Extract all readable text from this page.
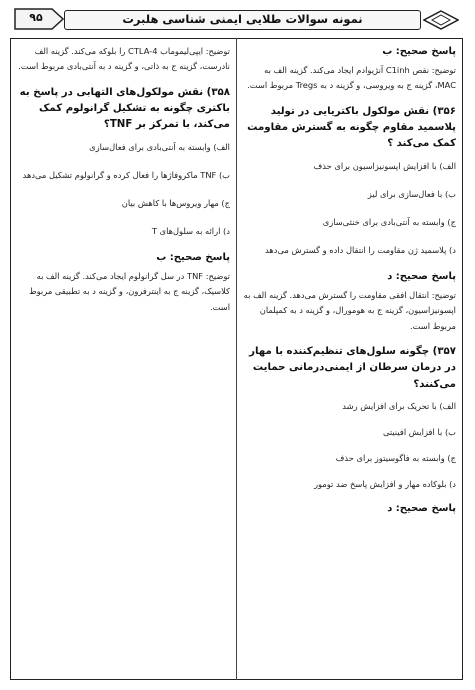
۹۵	نمونه سوالات طلایی ایمنی شناسی هلبرت
پاسخ صحیح: ب
توضیح: نقص C1inh آنژیوادم ایجاد می‌کند. گزینه الف به MAC، گزینه ج به ویروسی، و گزینه د به Tregs مربوط است.
۳۵۶) نقش مولکول باکتریایی در تولید پلاسمید مقاوم چگونه به گسترش مقاومت کمک می‌کند ؟
الف) با افزایش اپسونیزاسیون برای حذف
ب) با فعال‌سازی برای لیز
ج) وابسته به آنتی‌بادی برای خنثی‌سازی
د) پلاسمید ژن مقاومت را انتقال داده و گسترش می‌دهد
پاسخ صحیح: د
توضیح: انتقال افقی مقاومت را گسترش می‌دهد. گزینه الف به اپسونیزاسیون، گزینه ج به هومورال، و گزینه د به کمپلمان مربوط است.
۳۵۷) چگونه سلول‌های تنظیم‌کننده با مهار در درمان سرطان از ایمنی‌درمانی حمایت می‌کنند؟
الف) با تحریک برای افزایش رشد
ب) با افزایش افینیتی
ج) وابسته به فاگوسیتوز برای حذف
د) بلوکاده مهار و افزایش پاسخ ضد تومور
پاسخ صحیح: د
توضیح: ایپی‌لیموماب CTLA-4 را بلوکه می‌کند. گزینه الف نادرست، گزینه ج به ذاتی، و گزینه د به آنتی‌بادی مربوط است.
۳۵۸) نقش مولکول‌های التهابی در پاسخ به باکتری چگونه به تشکیل گرانولوم کمک می‌کند، با تمرکز بر TNF؟
الف) وابسته به آنتی‌بادی برای فعال‌سازی
ب) TNF ماکروفاژها را فعال کرده و گرانولوم تشکیل می‌دهد
ج) مهار ویروس‌ها با کاهش بیان
د) ارائه به سلول‌های T
پاسخ صحیح: ب
توضیح: TNF در سل گرانولوم ایجاد می‌کند. گزینه الف به کلاسیک، گزینه ج به اینترفرون، و گزینه د به تطبیقی مربوط است.
